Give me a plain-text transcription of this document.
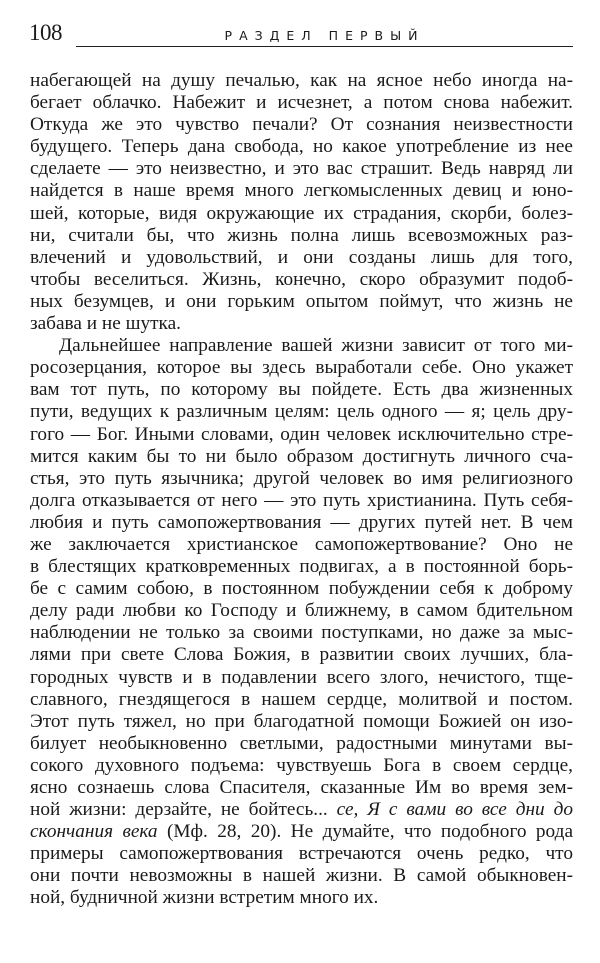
108	РАЗДЕЛ ПЕРВЫЙ
набегающей на душу печалью, как на ясное небо иногда на-
бегает облачко. Набежит и исчезнет, а потом снова набежит.
Откуда же это чувство печали? От сознания неизвестности
будущего. Теперь дана свобода, но какое употребление из нее
сделаете — это неизвестно, и это вас страшит. Ведь навряд ли
найдется в наше время много легкомысленных девиц и юно-
шей, которые, видя окружающие их страдания, скорби, болез-
ни, считали бы, что жизнь полна лишь всевозможных раз-
влечений и удовольствий, и они созданы лишь для того,
чтобы веселиться. Жизнь, конечно, скоро образумит подоб-
ных безумцев, и они горьким опытом поймут, что жизнь не
забава и не шутка.
Дальнейшее направление вашей жизни зависит от того ми-
росозерцания, которое вы здесь выработали себе. Оно укажет
вам тот путь, по которому вы пойдете. Есть два жизненных
пути, ведущих к различным целям: цель одного — я; цель дру-
гого — Бог. Иными словами, один человек исключительно стре-
мится каким бы то ни было образом достигнуть личного сча-
стья, это путь язычника; другой человек во имя религиозного
долга отказывается от него — это путь христианина. Путь себя-
любия и путь самопожертвования — других путей нет. В чем
же заключается христианское самопожертвование? Оно не
в блестящих кратковременных подвигах, а в постоянной борь-
бе с самим собою, в постоянном побуждении себя к доброму
делу ради любви ко Господу и ближнему, в самом бдительном
наблюдении не только за своими поступками, но даже за мыс-
лями при свете Слова Божия, в развитии своих лучших, бла-
городных чувств и в подавлении всего злого, нечистого, тще-
славного, гнездящегося в нашем сердце, молитвой и постом.
Этот путь тяжел, но при благодатной помощи Божией он изо-
билует необыкновенно светлыми, радостными минутами вы-
сокого духовного подъема: чувствуешь Бога в своем сердце,
ясно сознаешь слова Спасителя, сказанные Им во время зем-
ной жизни: дерзайте, не бойтесь... се, Я с вами во все дни до
скончания века (Мф. 28, 20). Не думайте, что подобного рода
примеры самопожертвования встречаются очень редко, что
они почти невозможны в нашей жизни. В самой обыкновен-
ной, будничной жизни встретим много их.
